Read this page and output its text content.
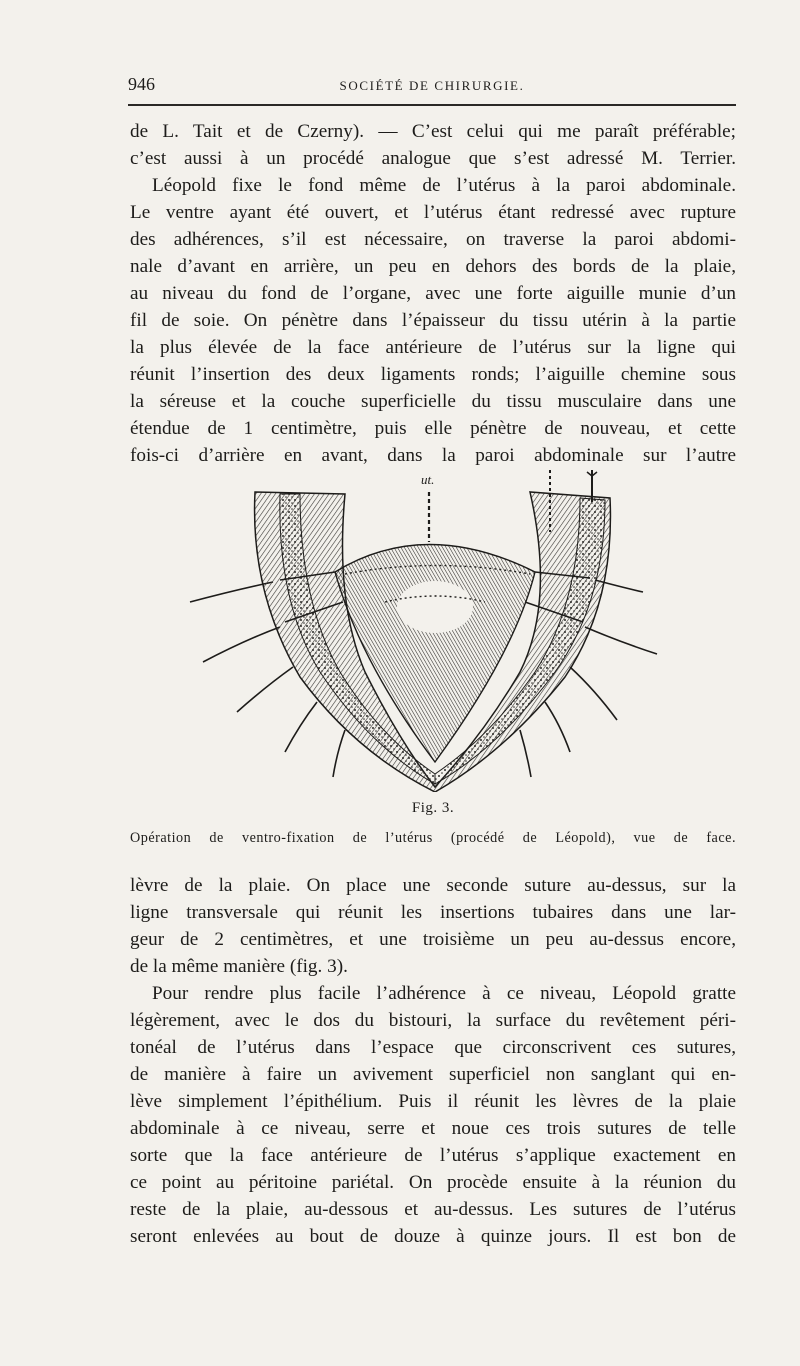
946	SOCIÉTÉ DE CHIRURGIE.
de L. Tait et de Czerny). — C’est celui qui me paraît préférable;
c’est aussi à un procédé analogue que s’est adressé M. Terrier.
Léopold fixe le fond même de l’utérus à la paroi abdominale.
Le ventre ayant été ouvert, et l’utérus étant redressé avec rupture
des adhérences, s’il est nécessaire, on traverse la paroi abdomi-
nale d’avant en arrière, un peu en dehors des bords de la plaie,
au niveau du fond de l’organe, avec une forte aiguille munie d’un
fil de soie. On pénètre dans l’épaisseur du tissu utérin à la partie
la plus élevée de la face antérieure de l’utérus sur la ligne qui
réunit l’insertion des deux ligaments ronds; l’aiguille chemine sous
la séreuse et la couche superficielle du tissu musculaire dans une
étendue de 1 centimètre, puis elle pénètre de nouveau, et cette
fois-ci d’arrière en avant, dans la paroi abdominale sur l’autre
ut.
Fig. 3.
Opération de ventro-fixation de l’utérus (procédé de Léopold), vue de face.
lèvre de la plaie. On place une seconde suture au-dessus, sur la
ligne transversale qui réunit les insertions tubaires dans une lar-
geur de 2 centimètres, et une troisième un peu au-dessus encore,
de la même manière (fig. 3).
Pour rendre plus facile l’adhérence à ce niveau, Léopold gratte
légèrement, avec le dos du bistouri, la surface du revêtement péri-
tonéal de l’utérus dans l’espace que circonscrivent ces sutures,
de manière à faire un avivement superficiel non sanglant qui en-
lève simplement l’épithélium. Puis il réunit les lèvres de la plaie
abdominale à ce niveau, serre et noue ces trois sutures de telle
sorte que la face antérieure de l’utérus s’applique exactement en
ce point au péritoine pariétal. On procède ensuite à la réunion du
reste de la plaie, au-dessous et au-dessus. Les sutures de l’utérus
seront enlevées au bout de douze à quinze jours. Il est bon de
